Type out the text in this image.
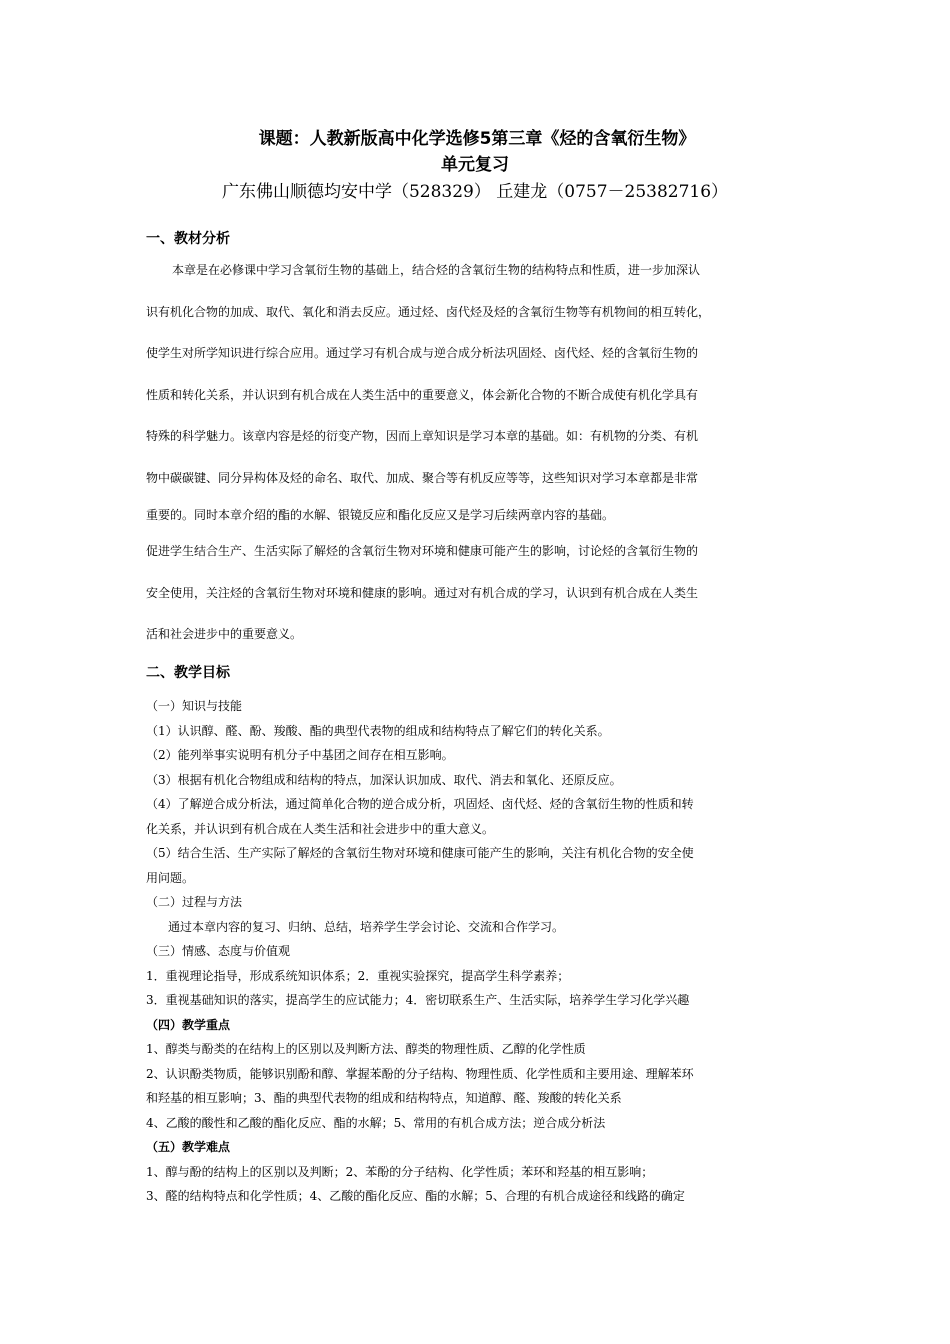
课题：人教新版高中化学选修5第三章《烃的含氧衍生物》
单元复习
广东佛山顺德均安中学（528329） 丘建龙（0757－25382716）
一、教材分析

本章是在必修课中学习含氧衍生物的基础上，结合烃的含氧衍生物的结构特点和性质，进一步加深认

识有机化合物的加成、取代、氧化和消去反应。通过烃、卤代烃及烃的含氧衍生物等有机物间的相互转化，

使学生对所学知识进行综合应用。通过学习有机合成与逆合成分析法巩固烃、卤代烃、烃的含氧衍生物的

性质和转化关系，并认识到有机合成在人类生活中的重要意义，体会新化合物的不断合成使有机化学具有

特殊的科学魅力。该章内容是烃的衍变产物，因而上章知识是学习本章的基础。如：有机物的分类、有机

物中碳碳键、同分异构体及烃的命名、取代、加成、聚合等有机反应等等，这些知识对学习本章都是非常

重要的。同时本章介绍的酯的水解、银镜反应和酯化反应又是学习后续两章内容的基础。

促进学生结合生产、生活实际了解烃的含氧衍生物对环境和健康可能产生的影响，讨论烃的含氧衍生物的

安全使用，关注烃的含氧衍生物对环境和健康的影响。通过对有机合成的学习，认识到有机合成在人类生

活和社会进步中的重要意义。

二、教学目标

（一）知识与技能

（1）认识醇、醛、酚、羧酸、酯的典型代表物的组成和结构特点了解它们的转化关系。

（2）能列举事实说明有机分子中基团之间存在相互影响。

（3）根据有机化合物组成和结构的特点，加深认识加成、取代、消去和氧化、还原反应。

（4）了解逆合成分析法，通过简单化合物的逆合成分析，巩固烃、卤代烃、烃的含氧衍生物的性质和转

化关系，并认识到有机合成在人类生活和社会进步中的重大意义。

（5）结合生活、生产实际了解烃的含氧衍生物对环境和健康可能产生的影响，关注有机化合物的安全使

用问题。

（二）过程与方法

通过本章内容的复习、归纳、总结，培养学生学会讨论、交流和合作学习。

（三）情感、态度与价值观

1．重视理论指导，形成系统知识体系；2．重视实验探究，提高学生科学素养；

3．重视基础知识的落实，提高学生的应试能力；4．密切联系生产、生活实际，培养学生学习化学兴趣

（四）教学重点

1、醇类与酚类的在结构上的区别以及判断方法、醇类的物理性质、乙醇的化学性质

2、认识酚类物质，能够识别酚和醇、掌握苯酚的分子结构、物理性质、化学性质和主要用途、理解苯环

和羟基的相互影响；3、酯的典型代表物的组成和结构特点，知道醇、醛、羧酸的转化关系

4、乙酸的酸性和乙酸的酯化反应、酯的水解；5、常用的有机合成方法；逆合成分析法

（五）教学难点

1、醇与酚的结构上的区别以及判断；2、苯酚的分子结构、化学性质；苯环和羟基的相互影响；

3、醛的结构特点和化学性质；4、乙酸的酯化反应、酯的水解；5、合理的有机合成途径和线路的确定
